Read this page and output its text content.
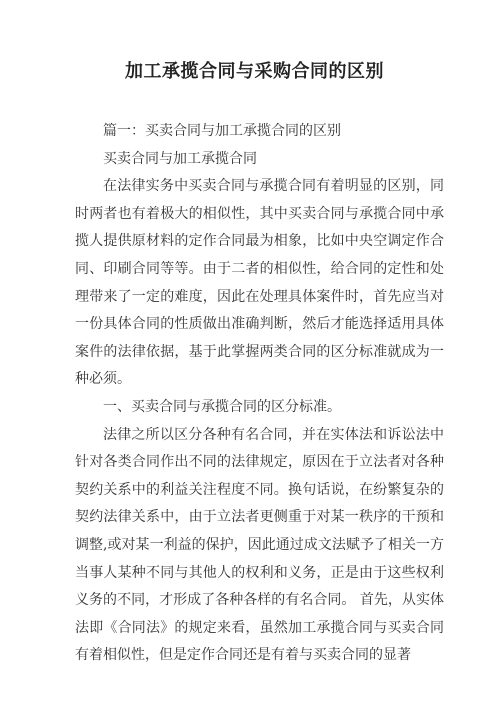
加工承揽合同与采购合同的区别

篇一：买卖合同与加工承揽合同的区别

买卖合同与加工承揽合同

在法律实务中买卖合同与承揽合同有着明显的区别，同时两者也有着极大的相似性，其中买卖合同与承揽合同中承揽人提供原材料的定作合同最为相象，比如中央空调定作合同、印刷合同等等。由于二者的相似性，给合同的定性和处理带来了一定的难度，因此在处理具体案件时，首先应当对一份具体合同的性质做出准确判断，然后才能选择适用具体案件的法律依据，基于此掌握两类合同的区分标准就成为一种必须。

一、买卖合同与承揽合同的区分标准。

法律之所以区分各种有名合同，并在实体法和诉讼法中针对各类合同作出不同的法律规定，原因在于立法者对各种契约关系中的利益关注程度不同。换句话说，在纷繁复杂的契约法律关系中，由于立法者更侧重于对某一秩序的干预和调整,或对某一利益的保护，因此通过成文法赋予了相关一方当事人某种不同与其他人的权利和义务，正是由于这些权利义务的不同，才形成了各种各样的有名合同。 首先，从实体法即《合同法》的规定来看，虽然加工承揽合同与买卖合同有着相似性，但是定作合同还是有着与买卖合同的显著
